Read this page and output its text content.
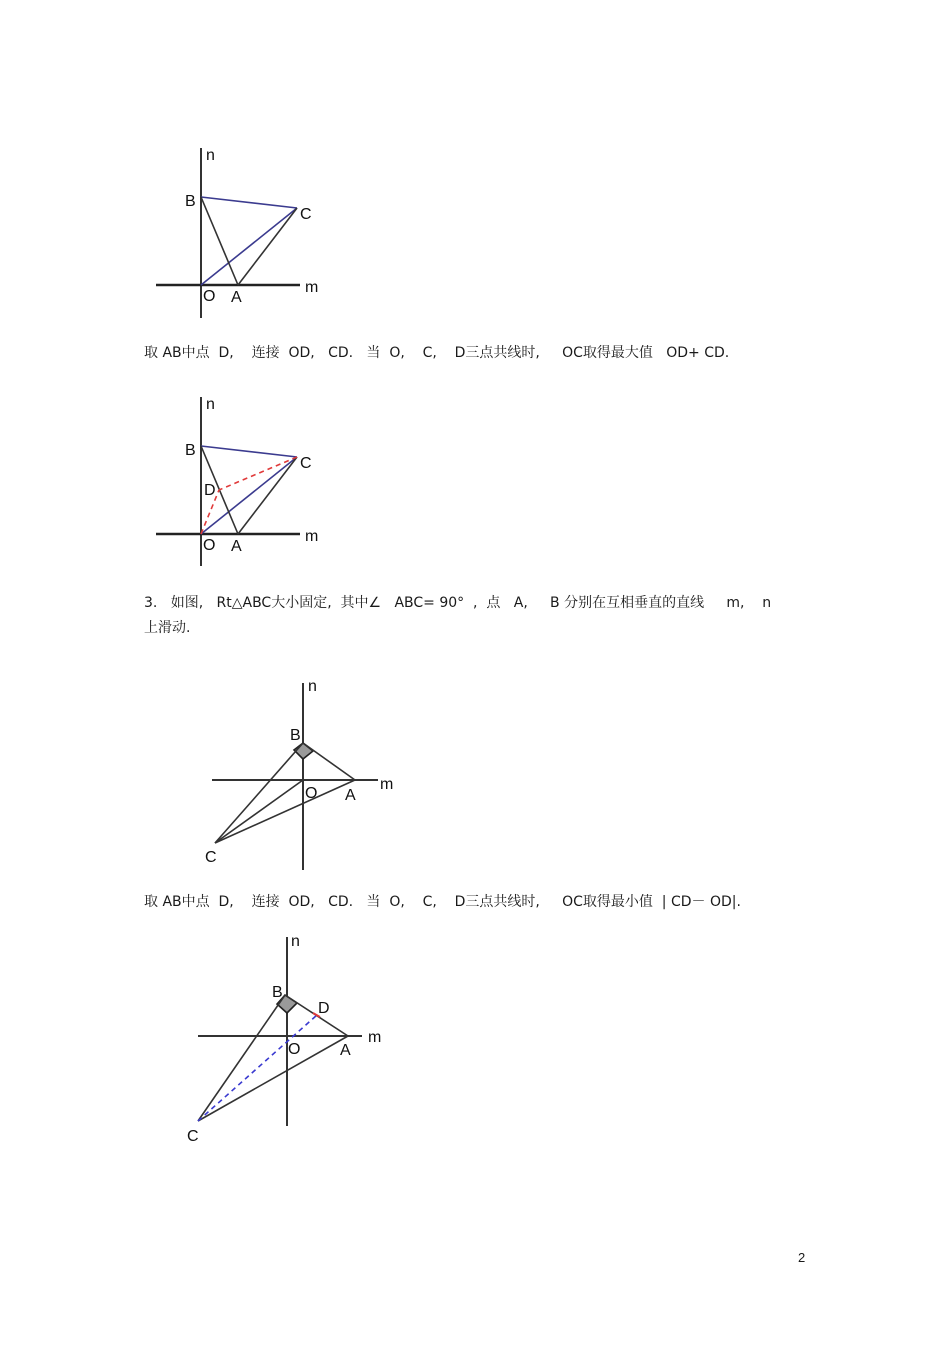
n
B
C
O A
m
取 AB中点  D,    连接  OD,   CD.   当  O,    C,    D三点共线时,     OC取得最大值   OD+ CD.
n
B
C
D
O A
m
3.   如图,   Rt△ABC大小固定,  其中∠   ABC= 90°  ,  点   A,     B 分别在互相垂直的直线     m,    n
上滑动.
n
B
O A
m
C
取 AB中点  D,    连接  OD,   CD.   当  O,    C,    D三点共线时,     OC取得最小值  | CD－ OD|.
n
B
D
O A
m
C
2
